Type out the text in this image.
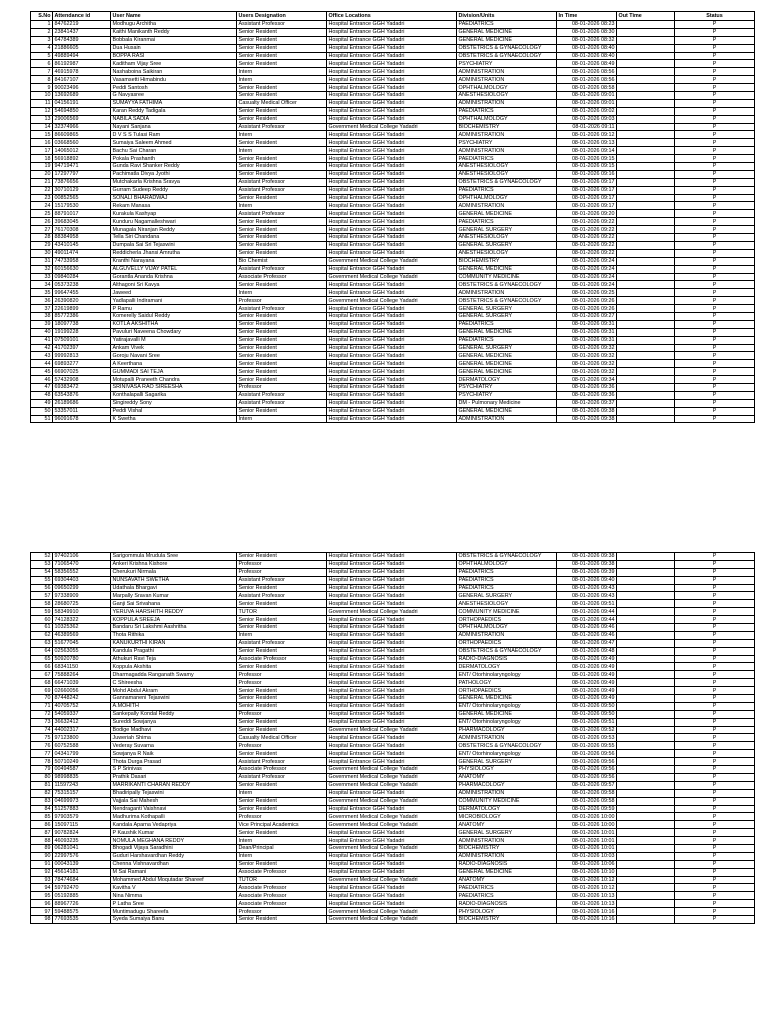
S.No	Attendance id	User Name	Users Designation	Office Locations	Division/Units	In Time	Out Time	Status
1	84762219	Modhugu Architha	Assistant Professor	Hospital Entrance GGH Yadadri	PAEDIATRICS	08-01-2026 08:23		P
2	23841437	Kaithi Manikanth Reddy	Senior Resident	Hospital Entrance GGH Yadadri	GENERAL MEDICINE	08-01-2026 08:30		P
3	64784389	Bobbala Kiranmai	Senior Resident	Hospital Entrance GGH Yadadri	GENERAL MEDICINE	08-01-2026 08:32		P
4	21886605	Dua Husain	Senior Resident	Hospital Entrance GGH Yadadri	OBSTETRICS & GYNAECOLOGY	08-01-2026 08:40		P
5	49889494	BOPPA RASI	Senior Resident	Hospital Entrance GGH Yadadri	OBSTETRICS & GYNAECOLOGY	08-01-2026 08:40		P
6	86192987	Kaditham Vijay Sree	Senior Resident	Hospital Entrance GGH Yadadri	PSYCHIATRY	08-01-2026 08:49		P
7	46915978	Nashaboina Saikiran	Intern	Hospital Entrance GGH Yadadri	ADMINISTRATION	08-01-2026 08:56		P
8	84167107	Vasamsetti Himabindu	Intern	Hospital Entrance GGH Yadadri	ADMINISTRATION	08-01-2026 08:56		P
9	90023496	Peddi Santosh	Senior Resident	Hospital Entrance GGH Yadadri	OPHTHALMOLOGY	08-01-2026 08:58		P
10	13692689	G Navyasree	Senior Resident	Hospital Entrance GGH Yadadri	ANESTHESIOLOGY	08-01-2026 09:01		P
11	04156191	SUMAYYA FATHIMA	Casualty Medical Officer	Hospital Entrance GGH Yadadri	ADMINISTRATION	08-01-2026 09:01		P
12	54694850	Karan Reddy Tadigala	Senior Resident	Hospital Entrance GGH Yadadri	PAEDIATRICS	08-01-2026 09:02		P
13	29006569	NABILA SADIA	Senior Resident	Hospital Entrance GGH Yadadri	OPHTHALMOLOGY	08-01-2026 09:03		P
14	32374966	Nayani Sanjana	Assistant Professor	Government Medical College Yadadri	BIOCHEMISTRY	08-01-2026 09:11		P
15	86609865	D V S S Tulasi Ram	Intern	Hospital Entrance GGH Yadadri	ADMINISTRATION	08-01-2026 09:12		P
16	03668560	Sumaiya Saleem Ahmed	Senior Resident	Hospital Entrance GGH Yadadri	PSYCHIATRY	08-01-2026 09:13		P
17	14065012	Bachu Sai Charan	Intern	Hospital Entrance GGH Yadadri	ADMINISTRATION	08-01-2026 09:14		P
18	56918892	Pokala Prashanth	Senior Resident	Hospital Entrance GGH Yadadri	PAEDIATRICS	08-01-2026 09:15		P
19	94719471	Gunda Ravi Shanker Reddy	Senior Resident	Hospital Entrance GGH Yadadri	ANESTHESIOLOGY	08-01-2026 09:15		P
20	17297797	Pachimatla Divya Jyothi	Senior Resident	Hospital Entrance GGH Yadadri	ANESTHESIOLOGY	08-01-2026 09:16		P
21	73876656	Mutchakarla Krishna Sravya	Assistant Professor	Hospital Entrance GGH Yadadri	OBSTETRICS & GYNAECOLOGY	08-01-2026 09:17		P
22	30710129	Gurram Sudeep Reddy	Assistant Professor	Hospital Entrance GGH Yadadri	PAEDIATRICS	08-01-2026 09:17		P
23	00852565	SONALI BHARADWAJ	Senior Resident	Hospital Entrance GGH Yadadri	OPHTHALMOLOGY	08-01-2026 09:17		P
24	15179530	Rekam Manasa	Intern	Hospital Entrance GGH Yadadri	ADMINISTRATION	08-01-2026 09:17		P
25	88791017	Kurakula Kashyap	Assistant Professor	Hospital Entrance GGH Yadadri	GENERAL MEDICINE	08-01-2026 09:20		P
26	39683045	Kunduru Nagamalleshwari	Senior Resident	Hospital Entrance GGH Yadadri	PAEDIATRICS	08-01-2026 09:22		P
27	76170308	Munagala Niranjan Reddy	Senior Resident	Hospital Entrance GGH Yadadri	GENERAL SURGERY	08-01-2026 09:22		P
28	88384958	Tella Siri Chandana	Senior Resident	Hospital Entrance GGH Yadadri	ANESTHESIOLOGY	08-01-2026 09:22		P
29	43410145	Dumpala Sai Sri Tejaswini	Senior Resident	Hospital Entrance GGH Yadadri	GENERAL SURGERY	08-01-2026 09:22		P
30	49011474	Reddicherla Jhansi Amrutha	Senior Resident	Hospital Entrance GGH Yadadri	ANESTHESIOLOGY	08-01-2026 09:22		P
31	74733958	Kranthi Narayana	Bio Chemist	Government Medical College Yadadri	BIOCHEMISTRY	08-01-2026 09:24		P
32	60156630	ALGUVELLY VIJAY PATEL	Assistant Professor	Hospital Entrance GGH Yadadri	GENERAL MEDICINE	08-01-2026 09:24		P
33	09840284	Gorantla Ananda Krishna	Associate Professor	Government Medical College Yadadri	COMMUNITY MEDICINE	08-01-2026 09:24		P
34	05373238	Althagoni Sri Kavya	Senior Resident	Hospital Entrance GGH Yadadri	OBSTETRICS & GYNAECOLOGY	08-01-2026 09:24		P
35	99647455	Jaweed	Intern	Hospital Entrance GGH Yadadri	ADMINISTRATION	08-01-2026 09:25		P
36	26390820	Yadlapalli Indiramani	Professor	Government Medical College Yadadri	OBSTETRICS & GYNAECOLOGY	08-01-2026 09:26		P
37	22619899	P Ramu	Assistant Professor	Hospital Entrance GGH Yadadri	GENERAL SURGERY	08-01-2026 09:26		P
38	85772386	Komerelly Saidul Reddy	Senior Resident	Hospital Entrance GGH Yadadri	GENERAL SURGERY	08-01-2026 09:27		P
39	18097738	KOTLA AKSHITHA	Senior Resident	Hospital Entrance GGH Yadadri	PAEDIATRICS	08-01-2026 09:31		P
40	19199228	Pavuluri Naveena Chowdary	Senior Resident	Hospital Entrance GGH Yadadri	GENERAL MEDICINE	08-01-2026 09:31		P
41	07509101	Yatirajavalli M	Senior Resident	Hospital Entrance GGH Yadadri	PAEDIATRICS	08-01-2026 09:31		P
42	41702397	Ankam Vivek	Senior Resident	Hospital Entrance GGH Yadadri	GENERAL SURGERY	08-01-2026 09:32		P
43	99992813	Goroju Navani Sree	Senior Resident	Hospital Entrance GGH Yadadri	GENERAL MEDICINE	08-01-2026 09:32		P
44	69893277	A Keerthana	Senior Resident	Hospital Entrance GGH Yadadri	GENERAL MEDICINE	08-01-2026 09:32		P
45	66907025	GUMMADI SAI TEJA	Senior Resident	Hospital Entrance GGH Yadadri	GENERAL MEDICINE	08-01-2026 09:32		P
46	57432908	Motupalli Praneeth Chandra	Senior Resident	Hospital Entrance GGH Yadadri	DERMATOLOGY	08-01-2026 09:34		P
47	69383472	SRINIVASA RAO SIREESHA	Professor	Hospital Entrance GGH Yadadri	PSYCHIATRY	08-01-2026 09:36		P
48	63543876	Konthalapalli Sagarika	Assistant Professor	Hospital Entrance GGH Yadadri	PSYCHIATRY	08-01-2026 09:36		P
49	26189686	Singireddy Sony	Assistant Professor	Hospital Entrance GGH Yadadri	DM - Pulmonary Medicine	08-01-2026 09:37		P
50	53357011	Peddi Vishal	Senior Resident	Hospital Entrance GGH Yadadri	GENERAL MEDICINE	08-01-2026 09:38		P
51	96091678	K Swetha	Intern	Hospital Entrance GGH Yadadri	ADMINISTRATION	08-01-2026 09:38		P
52	97402106	Sarigommula Mrudula Sree	Senior Resident	Hospital Entrance GGH Yadadri	OBSTETRICS & GYNAECOLOGY	08-01-2026 09:38		P
53	71065470	Ankeri Krishna Kishore	Professor	Hospital Entrance GGH Yadadri	OPHTHALMOLOGY	08-01-2026 09:38		P
54	58356552	Cherukuri Nirmala	Professor	Hospital Entrance GGH Yadadri	PAEDIATRICS	08-01-2026 09:39		P
55	69304403	NUNSAVATH SWETHA	Assistant Professor	Hospital Entrance GGH Yadadri	PAEDIATRICS	08-01-2026 09:40		P
56	09650299	Udathala Bhargavi	Senior Resident	Hospital Entrance GGH Yadadri	PAEDIATRICS	08-01-2026 09:43		P
57	97338909	Marpally Sravan Kumar	Assistant Professor	Hospital Entrance GGH Yadadri	GENERAL SURGERY	08-01-2026 09:43		P
58	28680725	Ganji Sai Srivahana	Senior Resident	Hospital Entrance GGH Yadadri	ANESTHESIOLOGY	08-01-2026 09:51		P
59	58349910	YERUVA HARSHITH REDDY	TUTOR	Government Medical College Yadadri	COMMUNITY MEDICINE	08-01-2026 09:44		P
60	74128322	KOPPULA SREEJA	Senior Resident	Hospital Entrance GGH Yadadri	ORTHOPAEDICS	08-01-2026 09:44		P
61	10325362	Bandaru Sri Lakshmi Aashritha	Senior Resident	Hospital Entrance GGH Yadadri	OPHTHALMOLOGY	08-01-2026 09:46		P
62	46389569	Thota Rithika	Intern	Hospital Entrance GGH Yadadri	ADMINISTRATION	08-01-2026 09:46		P
63	51677045	KANUKURTHI KIRAN	Assistant Professor	Hospital Entrance GGH Yadadri	ORTHOPAEDICS	08-01-2026 09:47		P
64	02563055	Kandula Pragathi	Senior Resident	Hospital Entrance GGH Yadadri	OBSTETRICS & GYNAECOLOGY	08-01-2026 09:48		P
65	50920780	Athukuri Ravi Teja	Associate Professor	Hospital Entrance GGH Yadadri	RADIO-DIAGNOSIS	08-01-2026 09:49		P
66	68341150	Koppula Akshita	Senior Resident	Hospital Entrance GGH Yadadri	DERMATOLOGY	08-01-2026 09:49		P
67	75888264	Dharmagadda Ranganath Swamy	Professor	Hospital Entrance GGH Yadadri	ENT/ Otorhinolaryngology	08-01-2026 09:49		P
68	66471039	C Shireesha	Professor	Hospital Entrance GGH Yadadri	PATHOLOGY	08-01-2026 09:49		P
69	02660056	Mohd Abdul Akram	Senior Resident	Hospital Entrance GGH Yadadri	ORTHOPAEDICS	08-01-2026 09:49		P
70	87448242	Gannamaneni Tejaswini	Senior Resident	Hospital Entrance GGH Yadadri	GENERAL MEDICINE	08-01-2026 09:49		P
71	40705752	A.MOHITH	Senior Resident	Hospital Entrance GGH Yadadri	ENT/ Otorhinolaryngology	08-01-2026 09:50		P
72	54059337	Sankepally Kondal Reddy	Professor	Hospital Entrance GGH Yadadri	GENERAL MEDICINE	08-01-2026 09:50		P
73	36632412	Sureddi Sowjanya	Senior Resident	Hospital Entrance GGH Yadadri	ENT/ Otorhinolaryngology	08-01-2026 09:51		P
74	44002317	Bodige Madhavi	Senior Resident	Government Medical College Yadadri	PHARMACOLOGY	08-01-2026 09:52		P
75	97123800	Juweriah Shima	Casualty Medical Officer	Hospital Entrance GGH Yadadri	ADMINISTRATION	08-01-2026 09:53		P
76	60752588	Vederay Suvarna	Professor	Hospital Entrance GGH Yadadri	OBSTETRICS & GYNAECOLOGY	08-01-2026 09:55		P
77	04341799	Sowjanya R Naik	Senior Resident	Hospital Entrance GGH Yadadri	ENT/ Otorhinolaryngology	08-01-2026 09:56		P
78	50710249	Thota Durga Prasad	Assistant Professor	Hospital Entrance GGH Yadadri	GENERAL SURGERY	08-01-2026 09:56		P
79	00494587	S P Srinivas	Associate Professor	Government Medical College Yadadri	PHYSIOLOGY	08-01-2026 09:56		P
80	98998835	Prathik Dasari	Assistant Professor	Government Medical College Yadadri	ANATOMY	08-01-2026 09:56		P
81	11597243	MARRIKANTI CHARAN REDDY	Senior Resident	Government Medical College Yadadri	PHARMACOLOGY	08-01-2026 09:57		P
82	75315157	Bhadiripally Tejaswini	Intern	Hospital Entrance GGH Yadadri	ADMINISTRATION	08-01-2026 09:58		P
83	04699973	Vajjala Sai Mahesh	Senior Resident	Government Medical College Yadadri	COMMUNITY MEDICINE	08-01-2026 09:58		P
84	51257883	Nendraganti Vaishnavi	Senior Resident	Hospital Entrance GGH Yadadri	DERMATOLOGY	08-01-2026 09:59		P
85	97903579	Madhurima Kothapalli	Professor	Government Medical College Yadadri	MICROBIOLOGY	08-01-2026 10:00		P
86	15097115	Kandala Aparna Vedapriya	Vice Principal Academics	Government Medical College Yadadri	ANATOMY	08-01-2026 10:00		P
87	90782824	P Kaushik Kumar	Senior Resident	Hospital Entrance GGH Yadadri	GENERAL SURGERY	08-01-2026 10:01		P
88	46093235	NOMULA MEGHANA REDDY	Intern	Hospital Entrance GGH Yadadri	ADMINISTRATION	08-01-2026 10:01		P
89	06281041	Bhogadi Vijaya Saradhini	Dean/Principal	Government Medical College Yadadri	BIOCHEMISTRY	08-01-2026 10:01		P
90	22997576	Guduri Harshavardhan Reddy	Intern	Hospital Entrance GGH Yadadri	ADMINISTRATION	08-01-2026 10:03		P
91	00043139	Chenna Vishnavardhan	Senior Resident	Hospital Entrance GGH Yadadri	RADIO-DIAGNOSIS	08-01-2026 10:06		P
92	45614181	M Sai Ramani	Associate Professor	Hospital Entrance GGH Yadadri	GENERAL MEDICINE	08-01-2026 10:10		P
93	78474684	Mohammed Abdul Moqutadar Shareef	TUTOR	Government Medical College Yadadri	ANATOMY	08-01-2026 10:12		P
94	59792470	Kavitha V	Associate Professor	Hospital Entrance GGH Yadadri	PAEDIATRICS	08-01-2026 10:12		P
95	05192885	Nina Nimma	Associate Professor	Hospital Entrance GGH Yadadri	PAEDIATRICS	08-01-2026 10:13		P
96	88967726	P Latha Sree	Associate Professor	Hospital Entrance GGH Yadadri	RADIO-DIAGNOSIS	08-01-2026 10:13		P
97	59488575	Muntimadugu Shareefa	Professor	Government Medical College Yadadri	PHYSIOLOGY	08-01-2026 10:16		P
98	77693535	Syeda Sumaiya Banu	Senior Resident	Government Medical College Yadadri	BIOCHEMISTRY	08-01-2026 10:16		P
